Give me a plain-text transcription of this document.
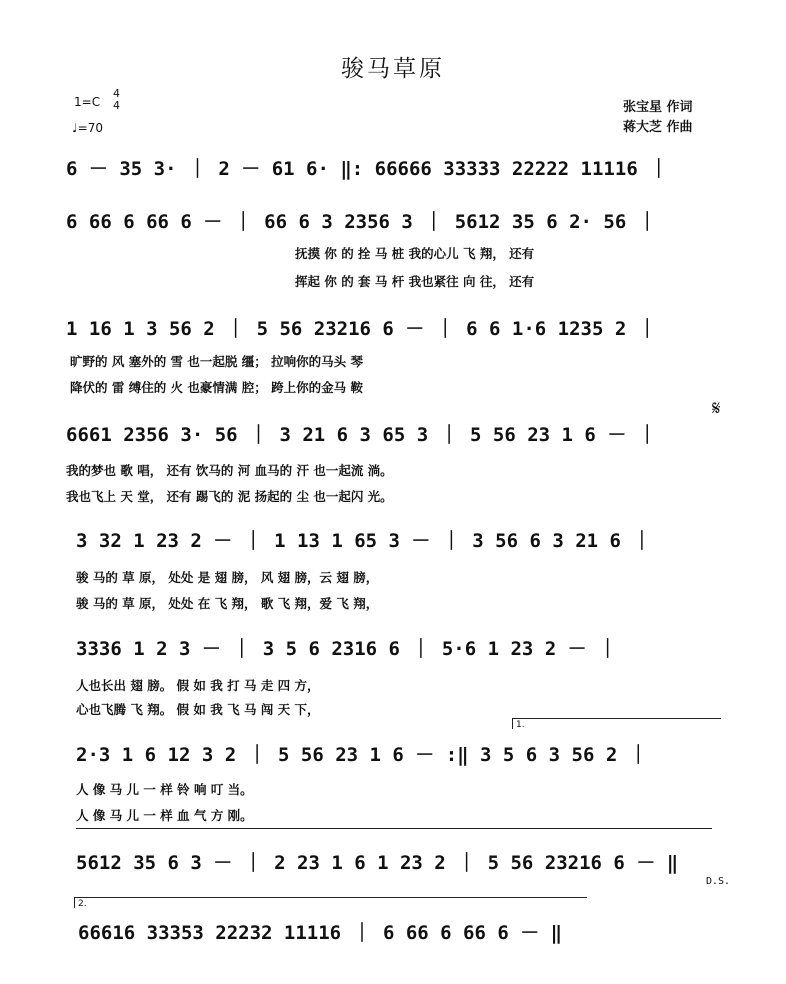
骏马草原
1=C
4
4
♩=70
张宝星 作词
蒋大芝 作曲
6 － 35 3· ｜ 2 － 61 6· ‖: 66666 33333 22222 11116 ｜
6 66 6 66 6 － ｜ 66 6 3 2356 3 ｜ 5612 35 6 2· 56 ｜
抚摸 你 的 拴 马 桩 我的心儿 飞 翔， 还有
挥起 你 的 套 马 杆 我也紧往 向 往， 还有
1 16 1 3 56 2 ｜ 5 56 23216 6 － ｜ 6 6 1·6 1235 2 ｜
旷野的 风 塞外的 雪 也一起脱 缰； 拉响你的马头 琴
降伏的 雷 缚住的 火 也豪情满 腔； 跨上你的金马 鞍
6661 2356 3· 56 ｜ 3 21 6 3 65 3 ｜ 5 56 23 1 6 － ｜
𝄋
我的梦也 歌 唱， 还有 饮马的 河 血马的 汗 也一起流 淌。
我也飞上 天 堂， 还有 踢飞的 泥 扬起的 尘 也一起闪 光。
3 32 1 23 2 － ｜ 1 13 1 65 3 － ｜ 3 56 6 3 21 6 ｜
骏 马的 草 原， 处处 是 翅 膀， 风 翅 膀，云 翅 膀，
骏 马的 草 原， 处处 在 飞 翔， 歌 飞 翔，爱 飞 翔，
3336 1 2 3 － ｜ 3 5 6 2316 6 ｜ 5·6 1 23 2 － ｜
人也长出 翅 膀。 假 如 我 打 马 走 四 方，
心也飞腾 飞 翔。 假 如 我 飞 马 闯 天 下，
1.
2·3 1 6 12 3 2 ｜ 5 56 23 1 6 － :‖ 3 5 6 3 56 2 ｜
人 像 马 儿 一 样 铃 响 叮 当。
人 像 马 儿 一 样 血 气 方 刚。
5612 35 6 3 － ｜ 2 23 1 6 1 23 2 ｜ 5 56 23216 6 － ‖
D.S.
2.
66616 33353 22232 11116 ｜ 6 66 6 66 6 － ‖
